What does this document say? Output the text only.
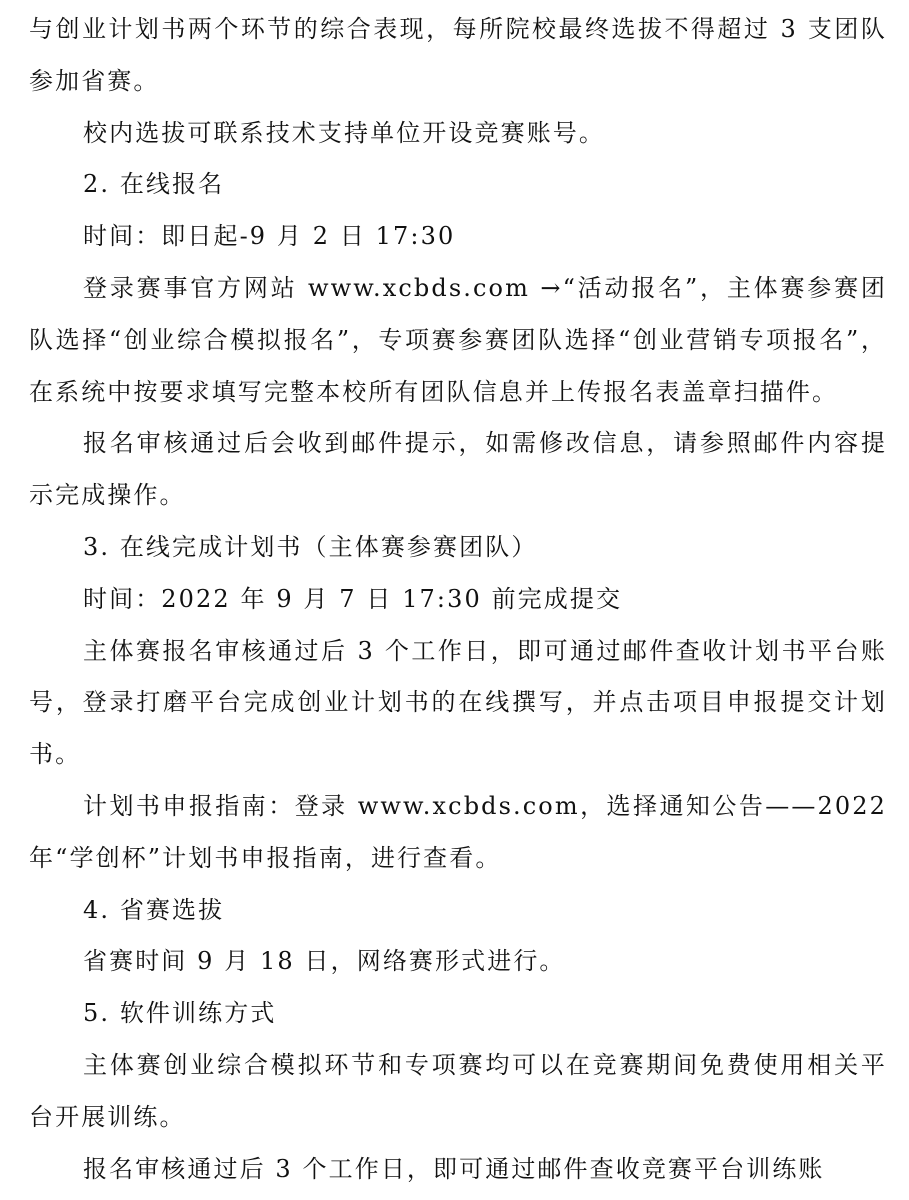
与创业计划书两个环节的综合表现，每所院校最终选拔不得超过 3 支团队参加省赛。

校内选拔可联系技术支持单位开设竞赛账号。

2. 在线报名

时间：即日起-9 月 2 日 17:30

登录赛事官方网站 www.xcbds.com →“活动报名”，主体赛参赛团队选择“创业综合模拟报名”，专项赛参赛团队选择“创业营销专项报名”，在系统中按要求填写完整本校所有团队信息并上传报名表盖章扫描件。

报名审核通过后会收到邮件提示，如需修改信息，请参照邮件内容提示完成操作。

3. 在线完成计划书（主体赛参赛团队）

时间：2022 年 9 月 7 日 17:30 前完成提交

主体赛报名审核通过后 3 个工作日，即可通过邮件查收计划书平台账号，登录打磨平台完成创业计划书的在线撰写，并点击项目申报提交计划书。

计划书申报指南：登录 www.xcbds.com，选择通知公告——2022 年“学创杯”计划书申报指南，进行查看。

4. 省赛选拔

省赛时间 9 月 18 日，网络赛形式进行。

5. 软件训练方式

主体赛创业综合模拟环节和专项赛均可以在竞赛期间免费使用相关平台开展训练。

报名审核通过后 3 个工作日，即可通过邮件查收竞赛平台训练账
